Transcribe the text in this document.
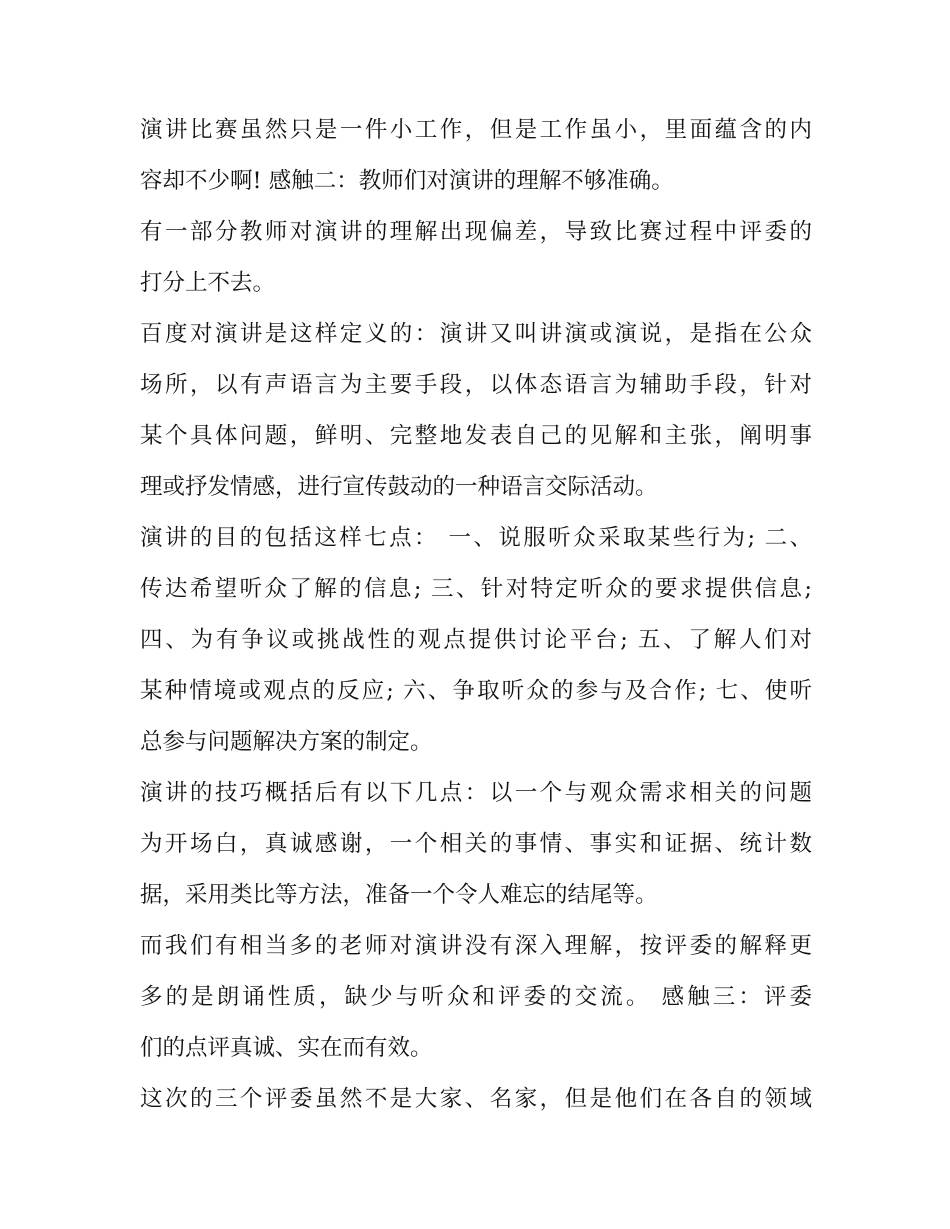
演讲比赛虽然只是一件小工作，但是工作虽小，里面蕴含的内
容却不少啊! 感触二：教师们对演讲的理解不够准确。
有一部分教师对演讲的理解出现偏差，导致比赛过程中评委的
打分上不去。
百度对演讲是这样定义的：演讲又叫讲演或演说，是指在公众
场所，以有声语言为主要手段，以体态语言为辅助手段，针对
某个具体问题，鲜明、完整地发表自己的见解和主张，阐明事
理或抒发情感，进行宣传鼓动的一种语言交际活动。
演讲的目的包括这样七点： 一、说服听众采取某些行为; 二、
传达希望听众了解的信息; 三、针对特定听众的要求提供信息;
四、为有争议或挑战性的观点提供讨论平台; 五、了解人们对
某种情境或观点的反应; 六、争取听众的参与及合作; 七、使听
总参与问题解决方案的制定。
演讲的技巧概括后有以下几点：以一个与观众需求相关的问题
为开场白，真诚感谢，一个相关的事情、事实和证据、统计数
据，采用类比等方法，准备一个令人难忘的结尾等。
而我们有相当多的老师对演讲没有深入理解，按评委的解释更
多的是朗诵性质，缺少与听众和评委的交流。 感触三：评委
们的点评真诚、实在而有效。
这次的三个评委虽然不是大家、名家，但是他们在各自的领域
